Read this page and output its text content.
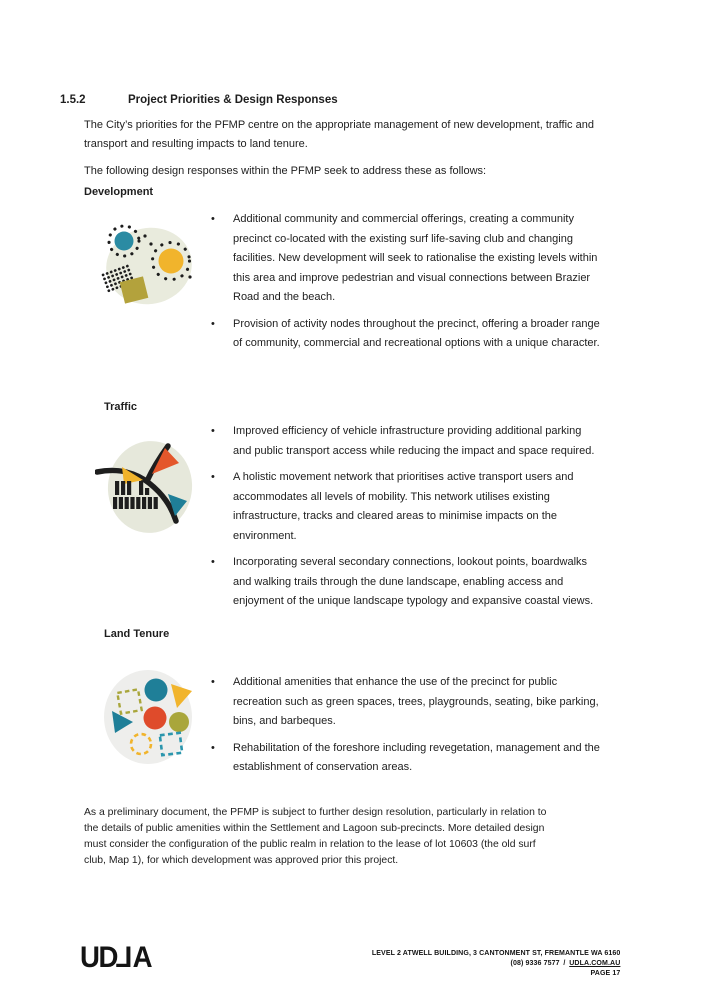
1.5.2	Project Priorities & Design Responses

The City’s priorities for the PFMP centre on the appropriate management of new development, traffic and transport and resulting impacts to land tenure.

The following design responses within the PFMP seek to address these as follows:

Development
• Additional community and commercial offerings, creating a community precinct co-located with the existing surf life-saving club and changing facilities. New development will seek to rationalise the existing levels within this area and improve pedestrian and visual connections between Brazier Road and the beach.
• Provision of activity nodes throughout the precinct, offering a broader range of community, commercial and recreational options with a unique character.
Traffic
• Improved efficiency of vehicle infrastructure providing additional parking and public transport access while reducing the impact and space required.
• A holistic movement network that prioritises active transport users and accommodates all levels of mobility. This network utilises existing infrastructure, tracks and cleared areas to minimise impacts on the environment.
• Incorporating several secondary connections, lookout points, boardwalks and walking trails through the dune landscape, enabling access and enjoyment of the unique landscape typology and expansive coastal views.
Land Tenure
• Additional amenities that enhance the use of the precinct for public recreation such as green spaces, trees, playgrounds, seating, bike parking, bins, and barbeques.
• Rehabilitation of the foreshore including revegetation, management and the establishment of conservation areas.

As a preliminary document, the PFMP is subject to further design resolution, particularly in relation to the details of public amenities within the Settlement and Lagoon sub-precincts. More detailed design must consider the configuration of the public realm in relation to the lease of lot 10603 (the old surf club, Map 1), for which development was approved prior this project.

UDLA	LEVEL 2 ATWELL BUILDING, 3 CANTONMENT ST, FREMANTLE WA 6160
(08) 9336 7577 / UDLA.COM.AU
PAGE 17
